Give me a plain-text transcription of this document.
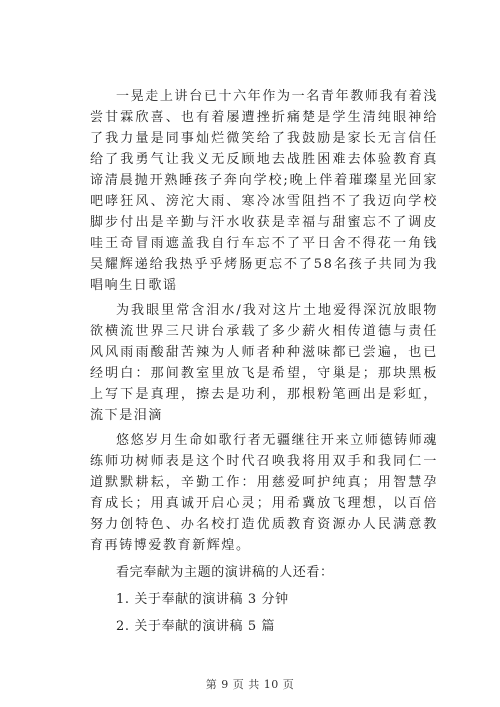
一晃走上讲台已十六年作为一名青年教师我有着浅尝甘霖欣喜、也有着屡遭挫折痛楚是学生清纯眼神给了我力量是同事灿烂微笑给了我鼓励是家长无言信任给了我勇气让我义无反顾地去战胜困难去体验教育真谛清晨抛开熟睡孩子奔向学校;晚上伴着璀璨星光回家吧哮狂风、滂沱大雨、寒冷冰雪阻挡不了我迈向学校脚步付出是辛勤与汗水收获是幸福与甜蜜忘不了调皮哇王奇冒雨遮盖我自行车忘不了平日舍不得花一角钱吴耀辉递给我热乎乎烤肠更忘不了58名孩子共同为我唱响生日歌谣

为我眼里常含泪水/我对这片土地爱得深沉放眼物欲横流世界三尺讲台承载了多少薪火相传道德与责任风风雨雨酸甜苦辣为人师者种种滋味都已尝遍，也已经明白：那间教室里放飞是希望，守巢是；那块黑板上写下是真理，擦去是功利，那根粉笔画出是彩虹，流下是泪滴

悠悠岁月生命如歌行者无疆继往开来立师德铸师魂练师功树师表是这个时代召唤我将用双手和我同仁一道默默耕耘，辛勤工作：用慈爱呵护纯真；用智慧孕育成长；用真诚开启心灵；用希冀放飞理想，以百倍努力创特色、办名校打造优质教育资源办人民满意教育再铸博爱教育新辉煌。

看完奉献为主题的演讲稿的人还看：

1. 关于奉献的演讲稿 3 分钟

2. 关于奉献的演讲稿 5 篇

第 9 页 共 10 页
